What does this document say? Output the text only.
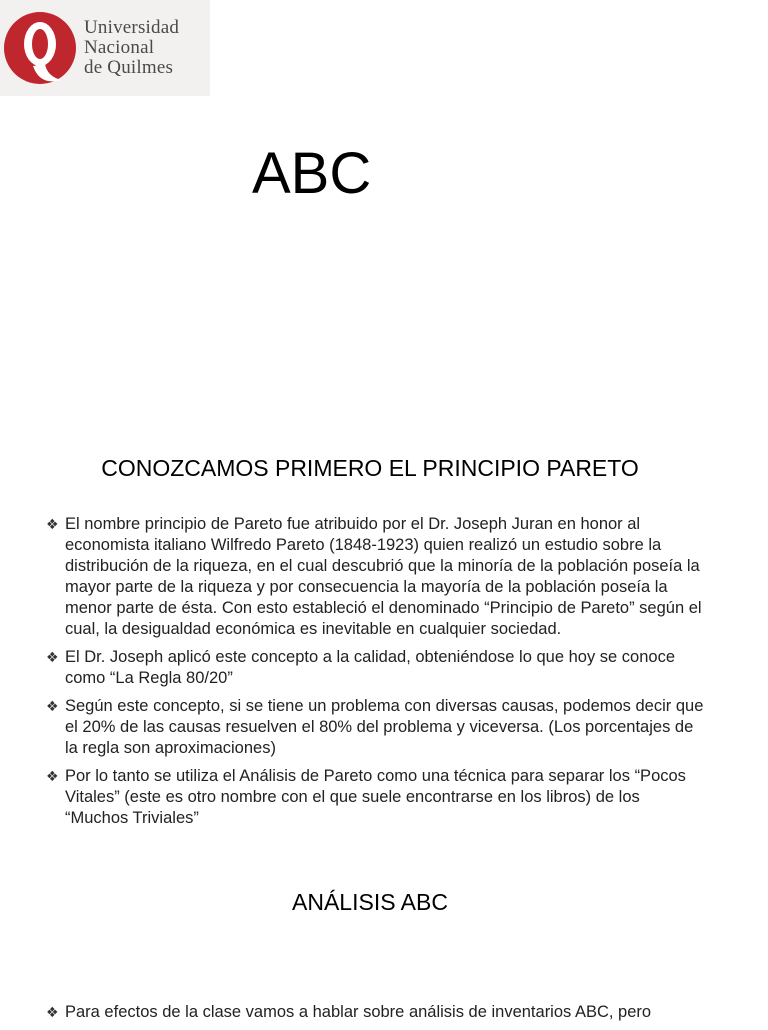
Universidad
Nacional
de Quilmes
ABC
CONOZCAMOS PRIMERO EL PRINCIPIO PARETO
❖ El nombre principio de Pareto fue atribuido por el Dr. Joseph Juran en honor al economista italiano Wilfredo Pareto (1848-1923) quien realizó un estudio sobre la distribución de la riqueza, en el cual descubrió que la minoría de la población poseía la mayor parte de la riqueza y por consecuencia la mayoría de la población poseía la menor parte de ésta. Con esto estableció el denominado “Principio de Pareto” según el cual, la desigualdad económica es inevitable en cualquier sociedad.
❖ El Dr. Joseph aplicó este concepto a la calidad, obteniéndose lo que hoy se conoce como “La Regla 80/20”
❖ Según este concepto, si se tiene un problema con diversas causas, podemos decir que el 20% de las causas resuelven el 80% del problema y viceversa. (Los porcentajes de la regla son aproximaciones)
❖ Por lo tanto se utiliza el Análisis de Pareto como una técnica para separar los “Pocos Vitales” (este es otro nombre con el que suele encontrarse en los libros) de los “Muchos Triviales”
ANÁLISIS ABC
❖ Para efectos de la clase vamos a hablar sobre análisis de inventarios ABC, pero
